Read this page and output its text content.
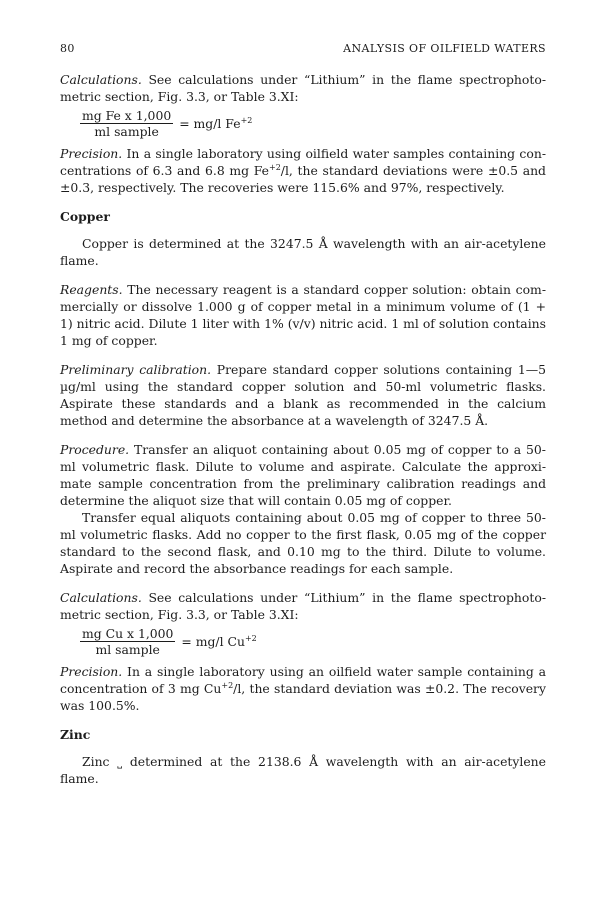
80	ANALYSIS OF OILFIELD WATERS

Calculations. See calculations under “Lithium” in the flame spectrophotometric section, Fig. 3.3, or Table 3.XI:

$\frac{\text{mg Fe x 1,000}}{\text{ml sample}} = mg/l$ $Fe^{+2}$

Precision. In a single laboratory using oilfield water samples containing concentrations of 6.3 and 6.8 mg $Fe^{+2}/l$, the standard deviations were ±0.5 and ±0.3, respectively. The recoveries were 115.6% and 97%, respectively.

Copper

Copper is determined at the 3247.5 Å wavelength with an air-acetylene flame.

Reagents. The necessary reagent is a standard copper solution: obtain commercially or dissolve 1.000 g of copper metal in a minimum volume of (1 + 1) nitric acid. Dilute 1 liter with 1% (v/v) nitric acid. 1 ml of solution contains 1 mg of copper.

Preliminary calibration. Prepare standard copper solutions containing 1—5 µg/ml using the standard copper solution and 50-ml volumetric flasks. Aspirate these standards and a blank as recommended in the calcium method and determine the absorbance at a wavelength of 3247.5 Å.

Procedure. Transfer an aliquot containing about 0.05 mg of copper to a 50-ml volumetric flask. Dilute to volume and aspirate. Calculate the approximate sample concentration from the preliminary calibration readings and determine the aliquot size that will contain 0.05 mg of copper.

Transfer equal aliquots containing about 0.05 mg of copper to three 50-ml volumetric flasks. Add no copper to the first flask, 0.05 mg of the copper standard to the second flask, and 0.10 mg to the third. Dilute to volume. Aspirate and record the absorbance readings for each sample.

Calculations. See calculations under “Lithium” in the flame spectrophotometric section, Fig. 3.3, or Table 3.XI:

$\frac{\text{mg Cu x 1,000}}{\text{ml sample}} = mg/l$ $Cu^{+2}$

Precision. In a single laboratory using an oilfield water sample containing a concentration of 3 mg $Cu^{+2}/l$, the standard deviation was ±0.2. The recovery was 100.5%.

Zinc

Zinc ˽ determined at the 2138.6 Å wavelength with an air-acetylene flame.
